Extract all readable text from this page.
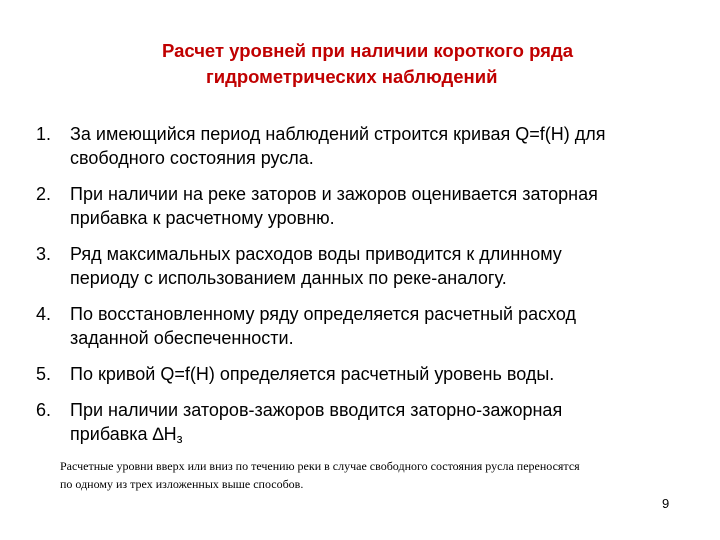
Расчет уровней при наличии короткого ряда
гидрометрических наблюдений
1. За имеющийся период наблюдений строится кривая Q=f(H) для
свободного состояния русла.
2. При наличии на реке заторов и зажоров оценивается заторная
прибавка к расчетному уровню.
3. Ряд максимальных расходов воды приводится к длинному
периоду с использованием данных по реке-аналогу.
4. По восстановленному ряду определяется расчетный расход
заданной обеспеченности.
5. По кривой Q=f(H) определяется расчетный уровень воды.
6. При наличии заторов-зажоров вводится заторно-зажорная
прибавка $\Delta H_з$
Расчетные уровни вверх или вниз по течению реки в случае свободного состояния русла переносятся
по одному из трех изложенных выше способов.
9
